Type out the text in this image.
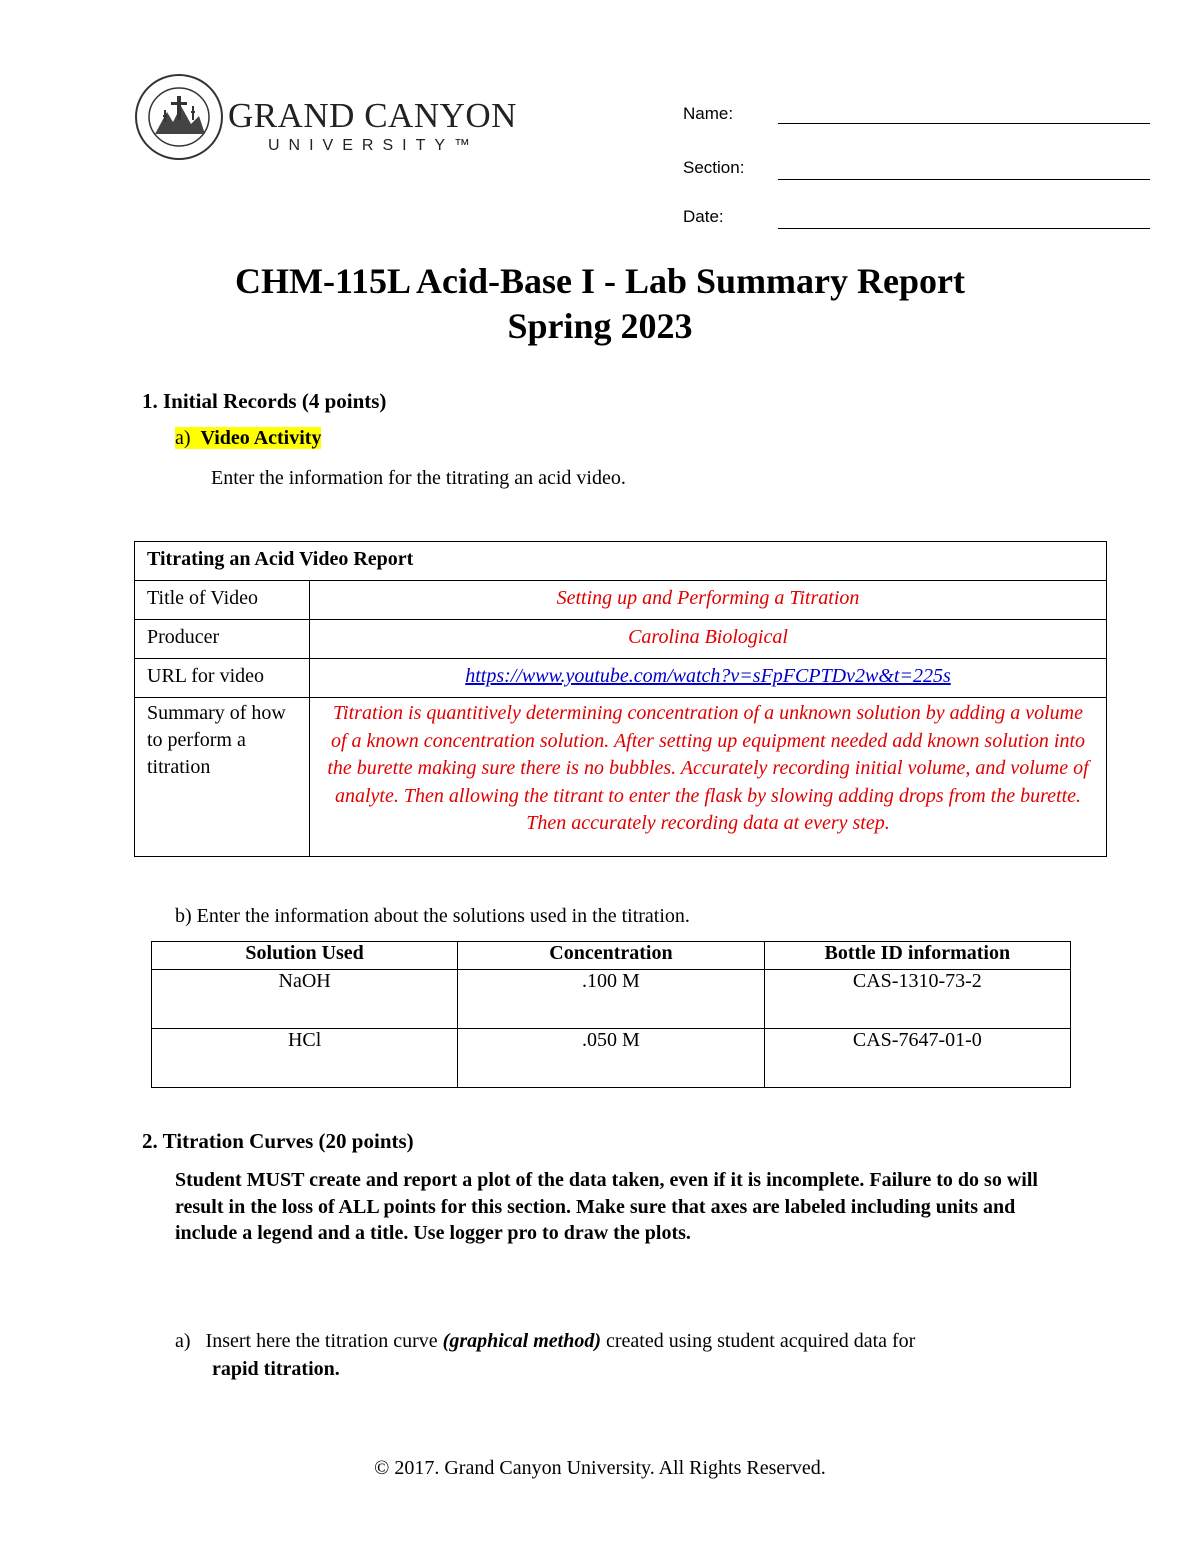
GRAND CANYON
UNIVERSITY™
Name:
Section:
Date:
CHM-115L Acid-Base I - Lab Summary Report
Spring 2023
1. Initial Records (4 points)
a) Video Activity
Enter the information for the titrating an acid video.
Titrating an Acid Video Report	
Title of Video	Setting up and Performing a Titration
Producer	Carolina Biological
URL for video	https://www.youtube.com/watch?v=sFpFCPTDv2w&t=225s
Summary of how to perform a titration	Titration is quantitively determining concentration of a unknown solution by adding a volume of a known concentration solution. After setting up equipment needed add known solution into the burette making sure there is no bubbles. Accurately recording initial volume, and volume of analyte. Then allowing the titrant to enter the flask by slowing adding drops from the burette. Then accurately recording data at every step.
b) Enter the information about the solutions used in the titration.
Solution Used	Concentration	Bottle ID information
NaOH	.100 M	CAS-1310-73-2
HCl	.050 M	CAS-7647-01-0
2. Titration Curves (20 points)
Student MUST create and report a plot of the data taken, even if it is incomplete. Failure to do so will result in the loss of ALL points for this section. Make sure that axes are labeled including units and include a legend and a title. Use logger pro to draw the plots.
a) Insert here the titration curve (graphical method) created using student acquired data for
rapid titration.
© 2017. Grand Canyon University. All Rights Reserved.
